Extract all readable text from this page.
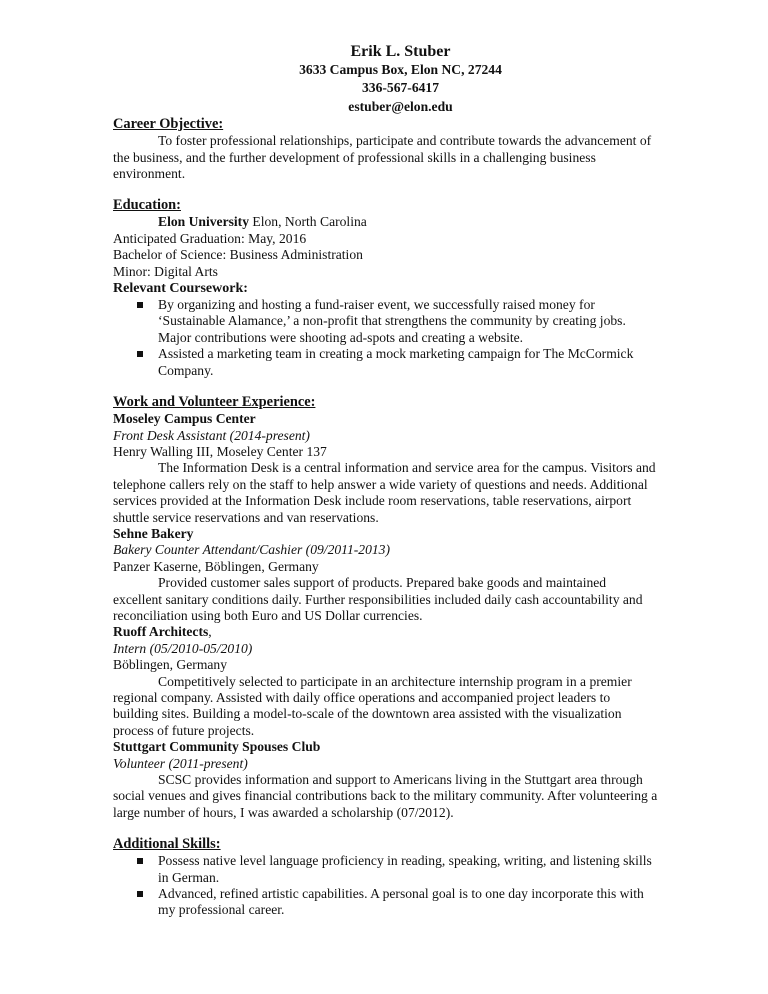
Erik L. Stuber
3633 Campus Box, Elon NC, 27244
336-567-6417
estuber@elon.edu
Career Objective:

To foster professional relationships, participate and contribute towards the advancement of the business, and the further development of professional skills in a challenging business environment.

Education:
Elon University Elon, North Carolina
Anticipated Graduation: May, 2016
Bachelor of Science: Business Administration
Minor: Digital Arts
Relevant Coursework:
By organizing and hosting a fund-raiser event, we successfully raised money for ‘Sustainable Alamance,’ a non-profit that strengthens the community by creating jobs. Major contributions were shooting ad-spots and creating a website.
Assisted a marketing team in creating a mock marketing campaign for The McCormick Company.
Work and Volunteer Experience:
Moseley Campus Center
Front Desk Assistant (2014-present)
Henry Walling III, Moseley Center 137

The Information Desk is a central information and service area for the campus. Visitors and telephone callers rely on the staff to help answer a wide variety of questions and needs. Additional services provided at the Information Desk include room reservations, table reservations, airport shuttle service reservations and van reservations.

Sehne Bakery
Bakery Counter Attendant/Cashier (09/2011-2013)
Panzer Kaserne, Böblingen, Germany

Provided customer sales support of products. Prepared bake goods and maintained excellent sanitary conditions daily. Further responsibilities included daily cash accountability and reconciliation using both Euro and US Dollar currencies.

Ruoff Architects,
Intern (05/2010-05/2010)
Böblingen, Germany

Competitively selected to participate in an architecture internship program in a premier regional company. Assisted with daily office operations and accompanied project leaders to building sites. Building a model-to-scale of the downtown area assisted with the visualization process of future projects.

Stuttgart Community Spouses Club
Volunteer (2011-present)

SCSC provides information and support to Americans living in the Stuttgart area through social venues and gives financial contributions back to the military community. After volunteering a large number of hours, I was awarded a scholarship (07/2012).

Additional Skills:
Possess native level language proficiency in reading, speaking, writing, and listening skills in German.
Advanced, refined artistic capabilities. A personal goal is to one day incorporate this with my professional career.
